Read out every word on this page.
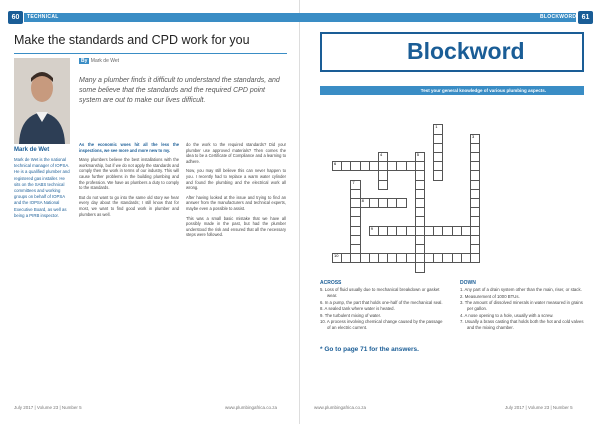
60	TECHNICAL
Make the standards and CPD work for you
By Mark de Wet
Mark de Wet
Mark de Wet is the national technical manager of IOPSA. He is a qualified plumber and registered gas installer. He sits on the SABS technical committees and working groups on behalf of IOPSA and the IOPSA National Executive Board, as well as being a PIRB inspector.
Many a plumber finds it difficult to understand the standards, and some believe that the standards and the required CPD point system are out to make our lives difficult.

As the economic woes hit all the less the inspections, we see more and more new to my.

Many plumbers believe the best installations with the workmanship, but if we do not apply the standards and comply then the work in terms of our industry. This will cause further problems in the building plumbing and the profession. We have as plumbers a duty to comply to the standards.

But do not want to go into the same old story we hear every day about the standards; I still know that for most, we want to find good work in plumber and plumbers as well.

do the work to the required standards? Did your plumber use approved materials? Then comes the idea to be a Certificate of Compliance and a learning to adhere.

Now, you may still believe this can never happen to you. I recently had to replace a warm water cylinder and found the plumbing and the electrical work all wrong.

After having looked at the issue and trying to find an answer from the manufacturers and technical experts, maybe even a possible to assist.

This was a small basic mistake that we have all possibly made in the past, but had the plumber understood the risk and ensured that all the necessary steps were followed.

July 2017 | Volume 23 | Number 5	www.plumbingafrica.co.za
BLOCKWORD 61
Blockword
Test your general knowledge of various plumbing aspects.
6
8
9
10
1
3
4	5
7
ACROSS
5. Loss of fluid usually due to mechanical breakdown or gasket wear.
6. In a pump, the part that holds one-half of the mechanical seal.
8. A sealed tank where water is heated.
9. The turbulent mixing of water.
10. A process involving chemical change caused by the passage of an electric current.
DOWN
1. Any part of a drain system other than the main, riser, or stack.
2. Measurement of 1000 BTUs.
3. The amount of dissolved minerals in water measured in grains per gallon.
4. A nose opening to a hole, usually with a screw.
7. Usually a brass casting that holds both the hot and cold valves and the mixing chamber.
* Go to page 71 for the answers.
www.plumbingafrica.co.za	July 2017 | Volume 23 | Number 5
